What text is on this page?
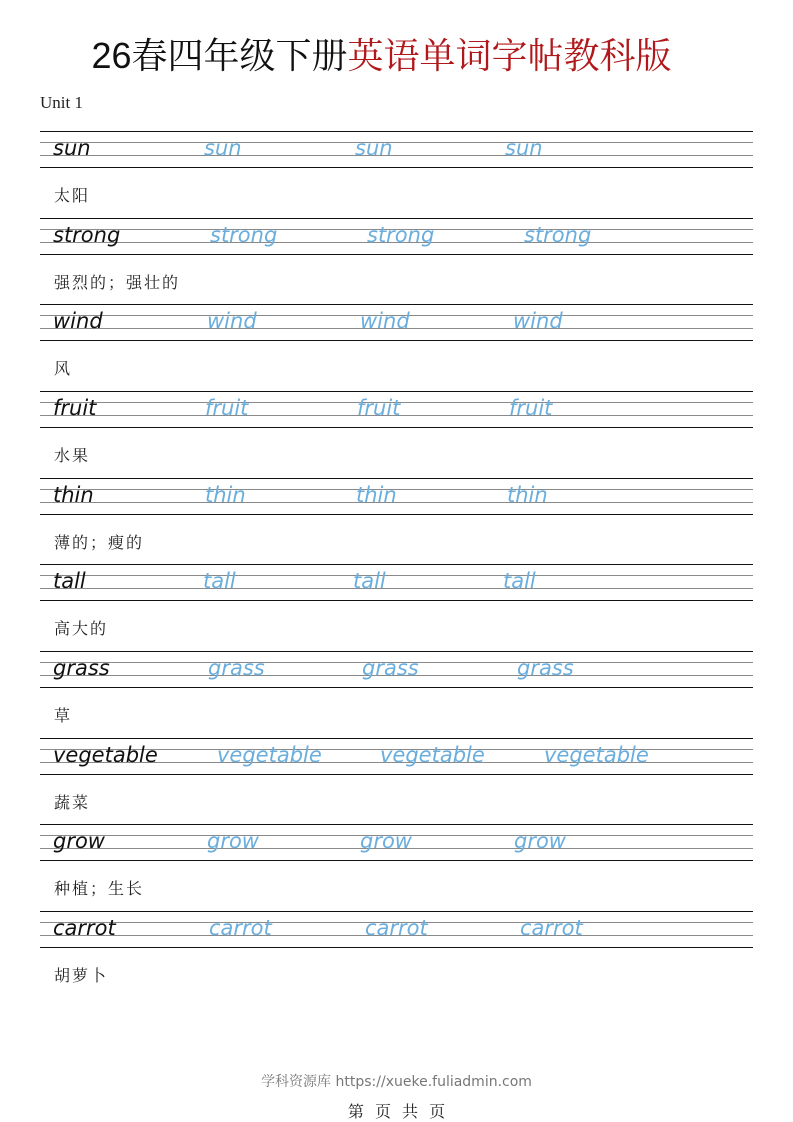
26春四年级下册英语单词字帖教科版
Unit 1
sun	sun	sun	sun
太阳
strong	strong	strong	strong
强烈的；强壮的
wind	wind	wind	wind
风
fruit	fruit	fruit	fruit
水果
thin	thin	thin	thin
薄的；瘦的
tall	tall	tall	tall
高大的
grass	grass	grass	grass
草
vegetable	vegetable	vegetable	vegetable
蔬菜
grow	grow	grow	grow
种植；生长
carrot	carrot	carrot	carrot
胡萝卜
学科资源库 https://xueke.fuliadmin.com
第 页 共 页
